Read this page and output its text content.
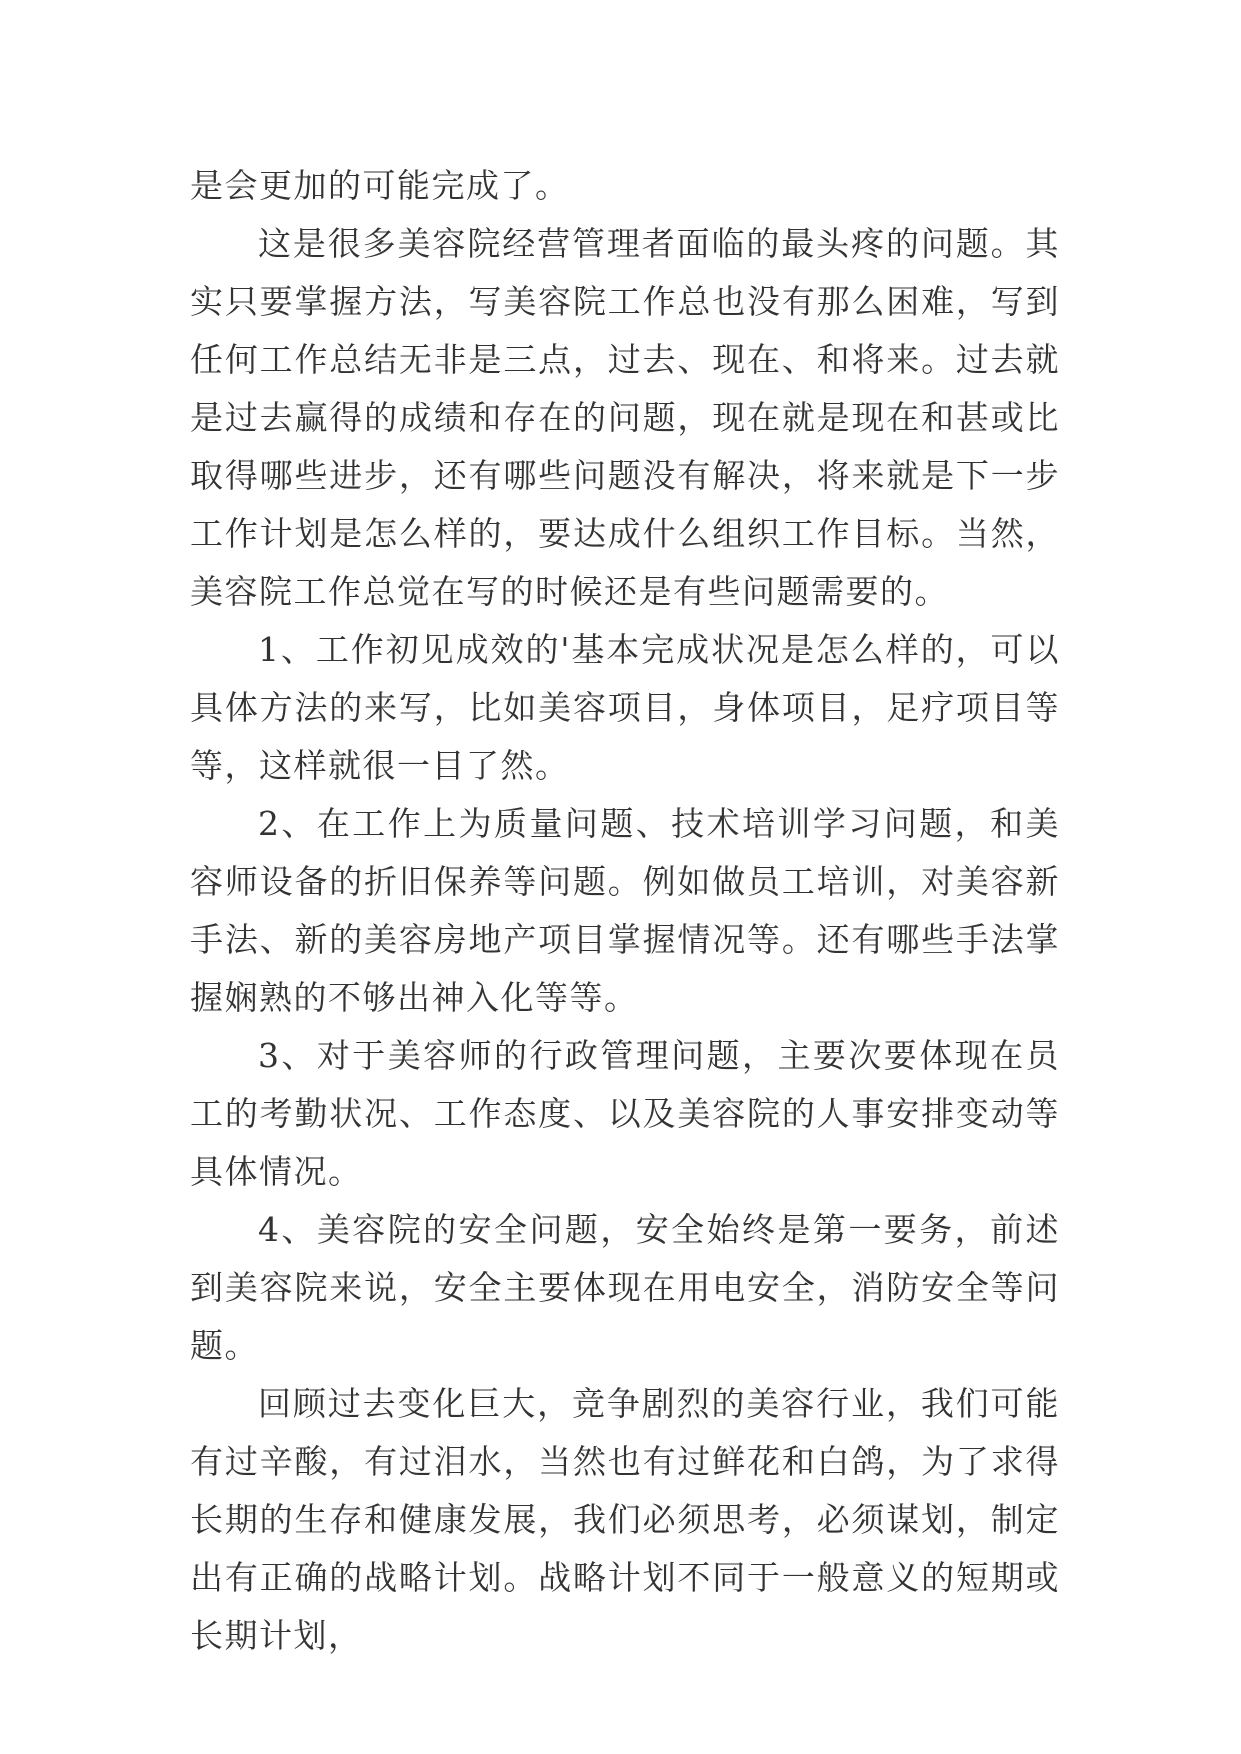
是会更加的可能完成了。

这是很多美容院经营管理者面临的最头疼的问题。其实只要掌握方法，写美容院工作总也没有那么困难，写到任何工作总结无非是三点，过去、现在、和将来。过去就是过去赢得的成绩和存在的问题，现在就是现在和甚或比取得哪些进步，还有哪些问题没有解决，将来就是下一步工作计划是怎么样的，要达成什么组织工作目标。当然，美容院工作总觉在写的时候还是有些问题需要的。

1、工作初见成效的'基本完成状况是怎么样的，可以具体方法的来写，比如美容项目，身体项目，足疗项目等等，这样就很一目了然。

2、在工作上为质量问题、技术培训学习问题，和美容师设备的折旧保养等问题。例如做员工培训，对美容新手法、新的美容房地产项目掌握情况等。还有哪些手法掌握娴熟的不够出神入化等等。

3、对于美容师的行政管理问题，主要次要体现在员工的考勤状况、工作态度、以及美容院的人事安排变动等具体情况。

4、美容院的安全问题，安全始终是第一要务，前述到美容院来说，安全主要体现在用电安全，消防安全等问题。

回顾过去变化巨大，竞争剧烈的美容行业，我们可能有过辛酸，有过泪水，当然也有过鲜花和白鸽，为了求得长期的生存和健康发展，我们必须思考，必须谋划，制定出有正确的战略计划。战略计划不同于一般意义的短期或长期计划，
